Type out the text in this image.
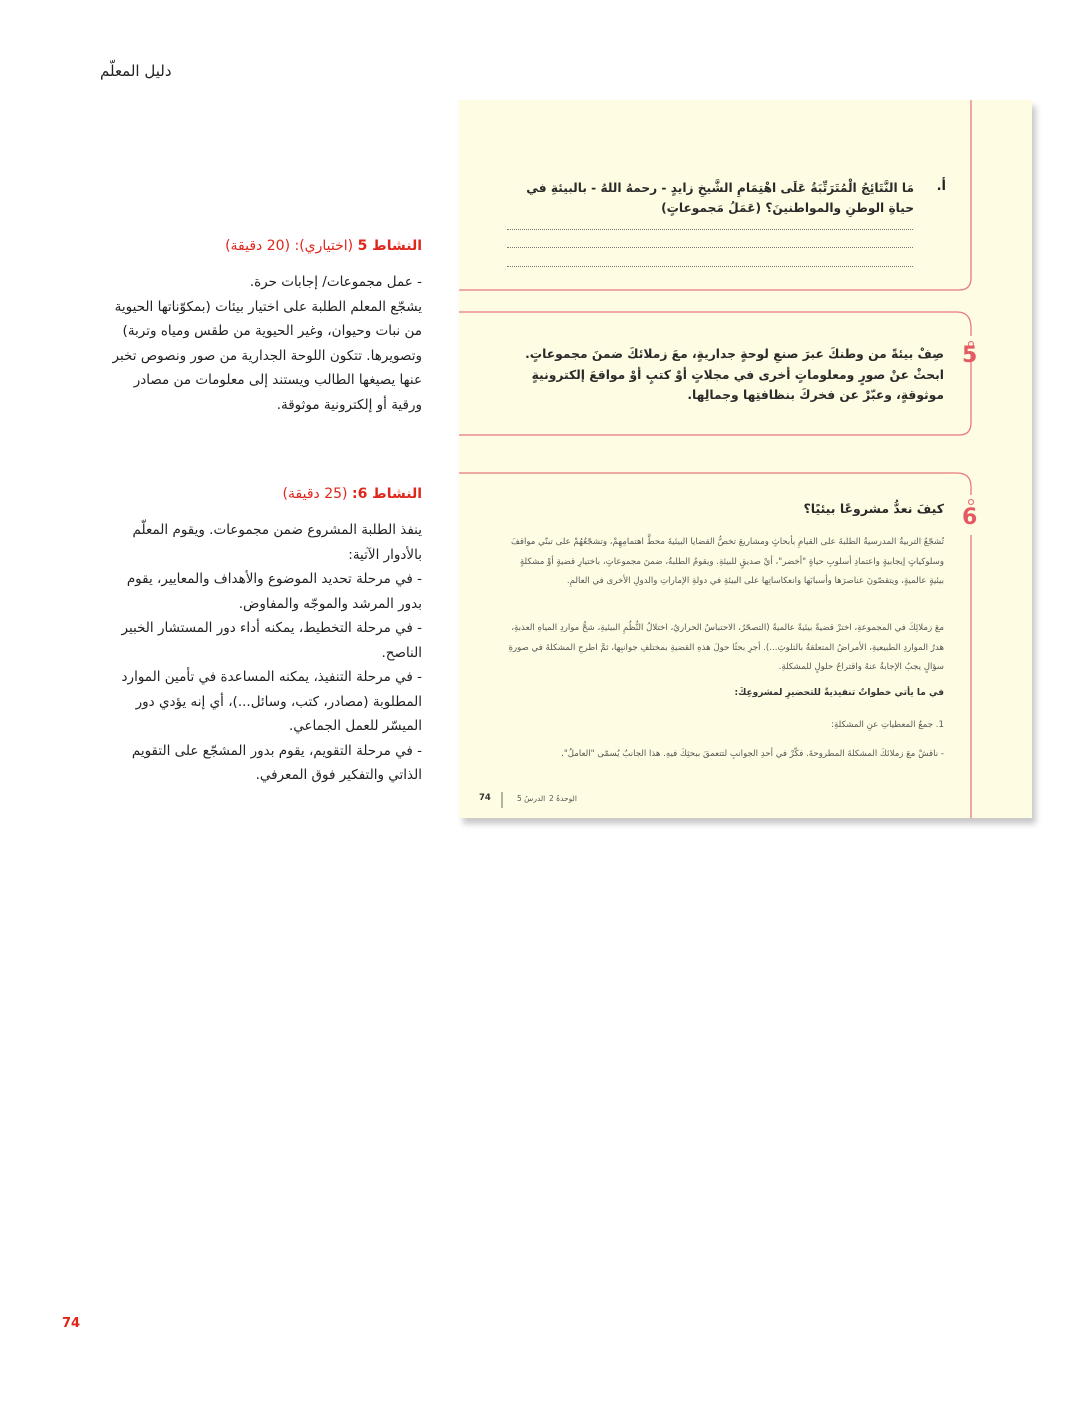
دليل المعلّم
النشاط 5 (اختياري): (20 دقيقة)

- عمل مجموعات/ إجابات حرة.

يشجّع المعلم الطلبة على اختيار بيئات (بمكوّناتها الحيوية من نبات وحيوان، وغير الحيوية من طقس ومياه وتربة) وتصويرها. تتكون اللوحة الجدارية من صور ونصوص تخبر عنها يصيغها الطالب ويستند إلى معلومات من مصادر ورقية أو إلكترونية موثوقة.

النشاط 6: (25 دقيقة)

ينفذ الطلبة المشروع ضمن مجموعات. ويقوم المعلّم بالأدوار الآتية:

- في مرحلة تحديد الموضوع والأهداف والمعايير، يقوم بدور المرشد والموجّه والمفاوض.

- في مرحلة التخطيط، يمكنه أداء دور المستشار الخبير الناصح.

- في مرحلة التنفيذ، يمكنه المساعدة في تأمين الموارد المطلوبة (مصادر، كتب، وسائل...)، أي إنه يؤدي دور الميسّر للعمل الجماعي.

- في مرحلة التقويم، يقوم بدور المشجّع على التقويم الذاتي والتفكير فوق المعرفي.

74
أ.
مَا النَّتَائِجُ الْمُتَرَتِّبَةُ عَلَى اهْتِمَامِ الشَّيخِ زايدٍ - رحمهُ اللهُ - بالبيئةِ في حياةِ الوطنِ والمواطنينَ؟ (عَمَلُ مَجموعاتٍ)
5
صِفْ بيئةً من وطنكَ عبرَ صنعِ لوحةٍ جداريةٍ، معَ زملائكَ ضمنَ مجموعاتٍ. ابحثْ عنْ صورٍ ومعلوماتٍ أخرى في مجلاتٍ أوْ كتبٍ أوْ مواقعَ إلكترونيةٍ موثوقةٍ، وعبّرْ عن فخركَ بنظافتِها وجمالِها.
6
كيفَ نعدُّ مشروعًا بيئيًا؟
تُشجّعُ التربيةُ المدرسيةُ الطلبةَ على القيامِ بأبحاثٍ ومشاريعَ تخصُّ القضايا البيئيةَ محطَّ اهتمامِهِمْ، وتشجّعُهُمْ على تبنّي مواقفَ وسلوكياتٍ إيجابيةٍ واعتمادِ أسلوبِ حياةٍ "أخضر"، أيْ صديقٍ للبيئةِ. ويقومُ الطلبةُ، ضمنَ مجموعاتٍ، باختيارِ قضيةٍ أوْ مشكلةٍ بيئيةٍ عالميةٍ، ويتقصّونَ عناصرَها وأسبابَها وانعكاساتِها على البيئةِ في دولةِ الإماراتِ والدولِ الأخرى في العالمِ.
معَ زملائِكَ في المجموعةِ، اخترْ قضيةً بيئيةً عالميةً (التصحّرُ، الاحتباسُ الحراريُ، اختلالُ النُّظُمِ البيئيةِ، شحُّ مواردِ المياهِ العذبةِ، هدرُ المواردِ الطبيعيةِ، الأمراضُ المتعلقةُ بالتلوثِ...). أجرِ بحثًا حولَ هذهِ القضيةِ بمختلفِ جوانبِها، ثمَّ اطرحِ المشكلةَ في صورةِ سؤالٍ يجبُ الإجابةُ عنهُ واقتراحُ حلولٍ للمشكلةِ.
في ما يأتي خطواتٌ تنفيذيةٌ للتحضيرِ لمشروعِكَ:
1. جمعُ المعطياتِ عنِ المشكلةِ:
- ناقشْ معَ زملائكَ المشكلةَ المطروحةَ. فكّرْ في أحدِ الجوانبِ لتتعمقَ ببحثِكَ فيهِ. هذا الجانبُ يُسمّى "العاملُ".
74	الدرسُ 5 الوحدةُ 2
